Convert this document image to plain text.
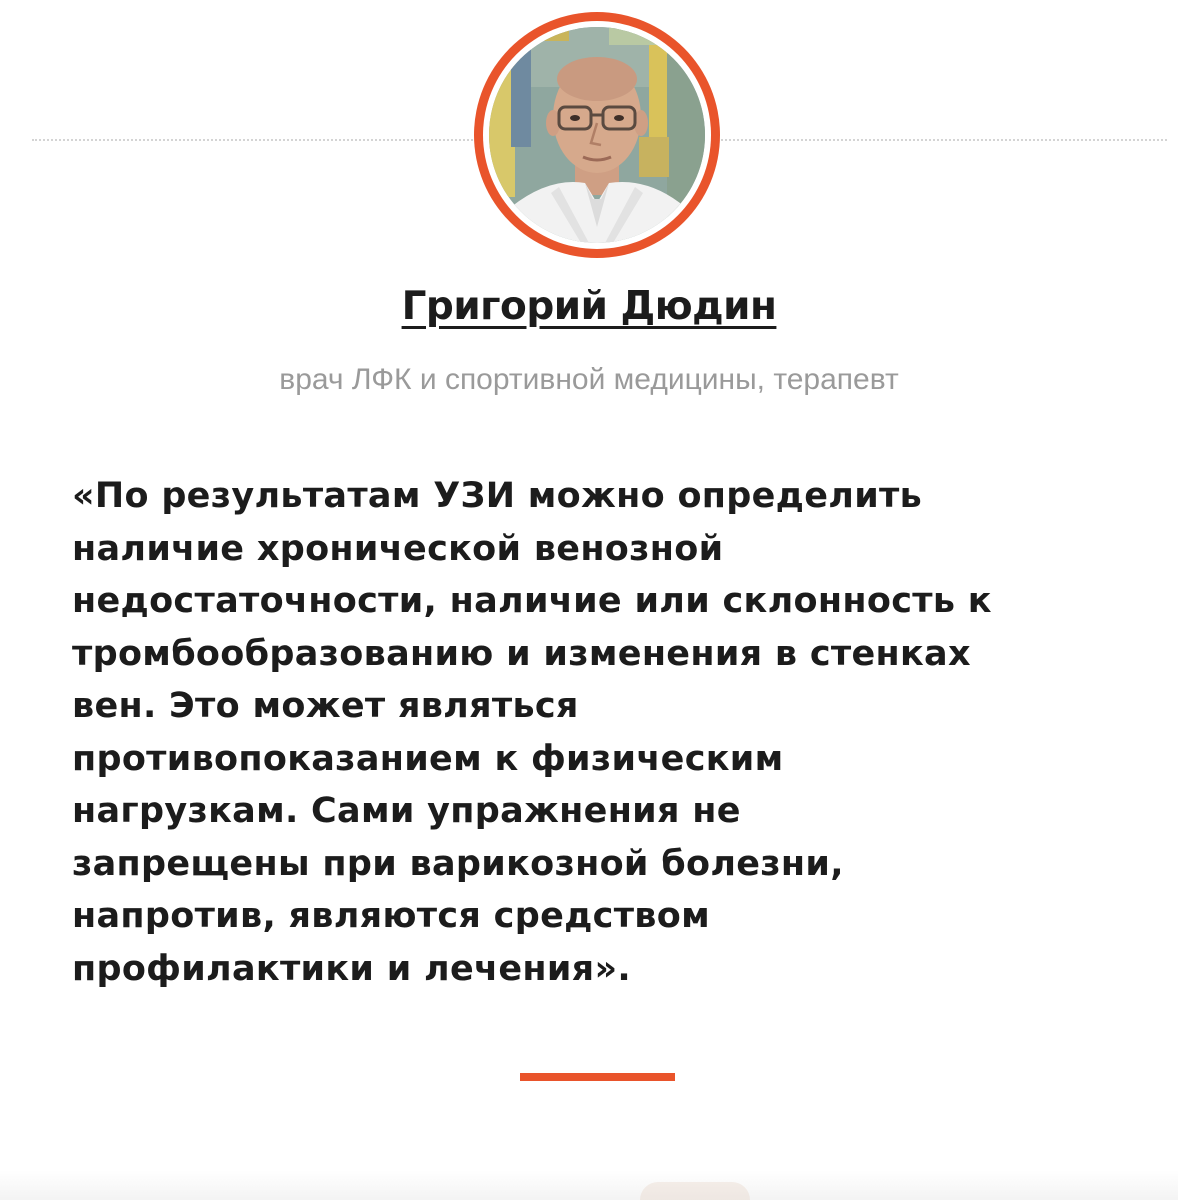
Григорий Дюдин
врач ЛФК и спортивной медицины, терапевт

«По результатам УЗИ можно определить
наличие хронической венозной
недостаточности, наличие или склонность к
тромбообразованию и изменения в стенках
вен. Это может являться
противопоказанием к физическим
нагрузкам. Сами упражнения не
запрещены при варикозной болезни,
напротив, являются средством
профилактики и лечения».
